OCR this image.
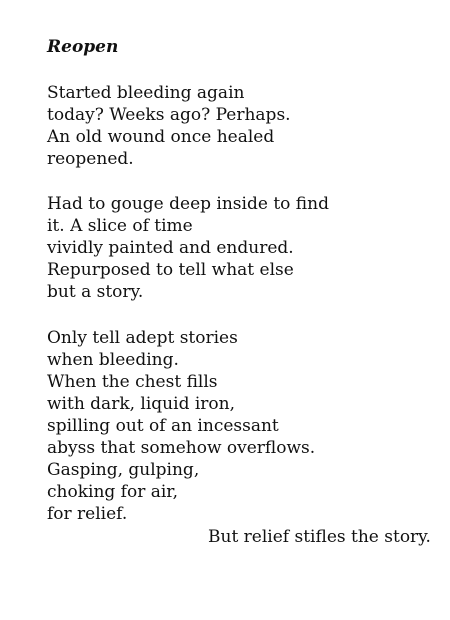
Reopen

Started bleeding again
today? Weeks ago? Perhaps.
An old wound once healed
reopened.

Had to gouge deep inside to find
it. A slice of time
vividly painted and endured.
Repurposed to tell what else
but a story.

Only tell adept stories
when bleeding.
When the chest fills
with dark, liquid iron,
spilling out of an incessant
abyss that somehow overflows.
Gasping, gulping,
choking for air,
for relief.

But relief stifles the story.
